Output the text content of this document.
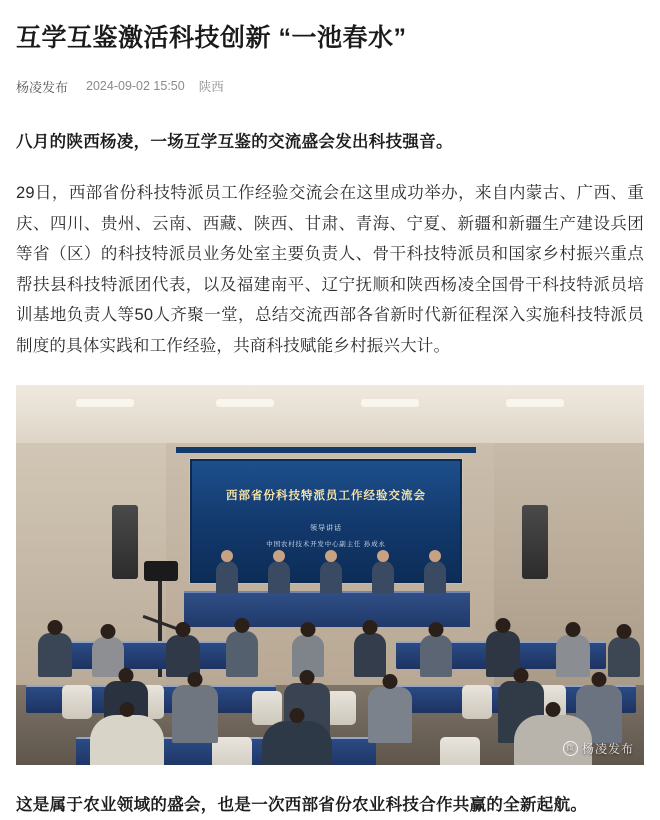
互学互鉴激活科技创新 “一池春水”
杨凌发布 2024-09-02 15:50 陕西

八月的陕西杨凌，一场互学互鉴的交流盛会发出科技强音。

29日，西部省份科技特派员工作经验交流会在这里成功举办，来自内蒙古、广西、重庆、四川、贵州、云南、西藏、陕西、甘肃、青海、宁夏、新疆和新疆生产建设兵团等省（区）的科技特派员业务处室主要负责人、骨干科技特派员和国家乡村振兴重点帮扶县科技特派团代表，以及福建南平、辽宁抚顺和陕西杨凌全国骨干科技特派员培训基地负责人等50人齐聚一堂，总结交流西部各省新时代新征程深入实施科技特派员制度的具体实践和工作经验，共商科技赋能乡村振兴大计。

西部省份科技特派员工作经验交流会
领导讲话
中国农村技术开发中心副主任 孙成永
微 杨凌发布

这是属于农业领域的盛会，也是一次西部省份农业科技合作共赢的全新起航。
